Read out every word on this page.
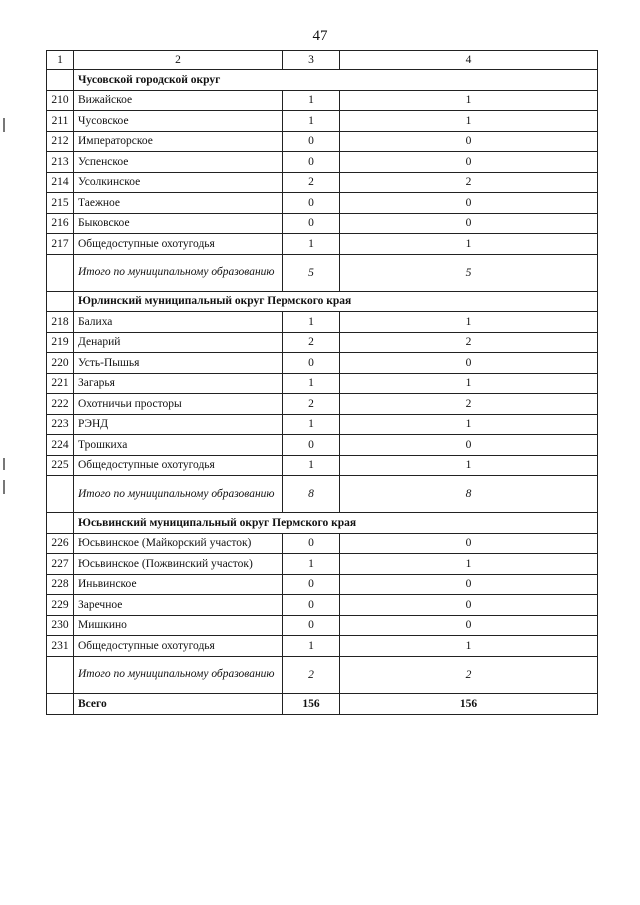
47
1	2	3	4
	Чусовской городской округ		
210	Вижайское	1	1
211	Чусовское	1	1
212	Императорское	0	0
213	Успенское	0	0
214	Усолкинское	2	2
215	Таежное	0	0
216	Быковское	0	0
217	Общедоступные охотугодья	1	1
	Итого по муниципальному образованию	5	5
	Юрлинский муниципальный округ Пермского края		
218	Балиха	1	1
219	Денарий	2	2
220	Усть-Пышья	0	0
221	Загарья	1	1
222	Охотничьи просторы	2	2
223	РЭНД	1	1
224	Трошкиха	0	0
225	Общедоступные охотугодья	1	1
	Итого по муниципальному образованию	8	8
	Юсьвинский муниципальный округ Пермского края		
226	Юсьвинское (Майкорский участок)	0	0
227	Юсьвинское (Пожвинский участок)	1	1
228	Иньвинское	0	0
229	Заречное	0	0
230	Мишкино	0	0
231	Общедоступные охотугодья	1	1
	Итого по муниципальному образованию	2	2
	Всего	156	156
